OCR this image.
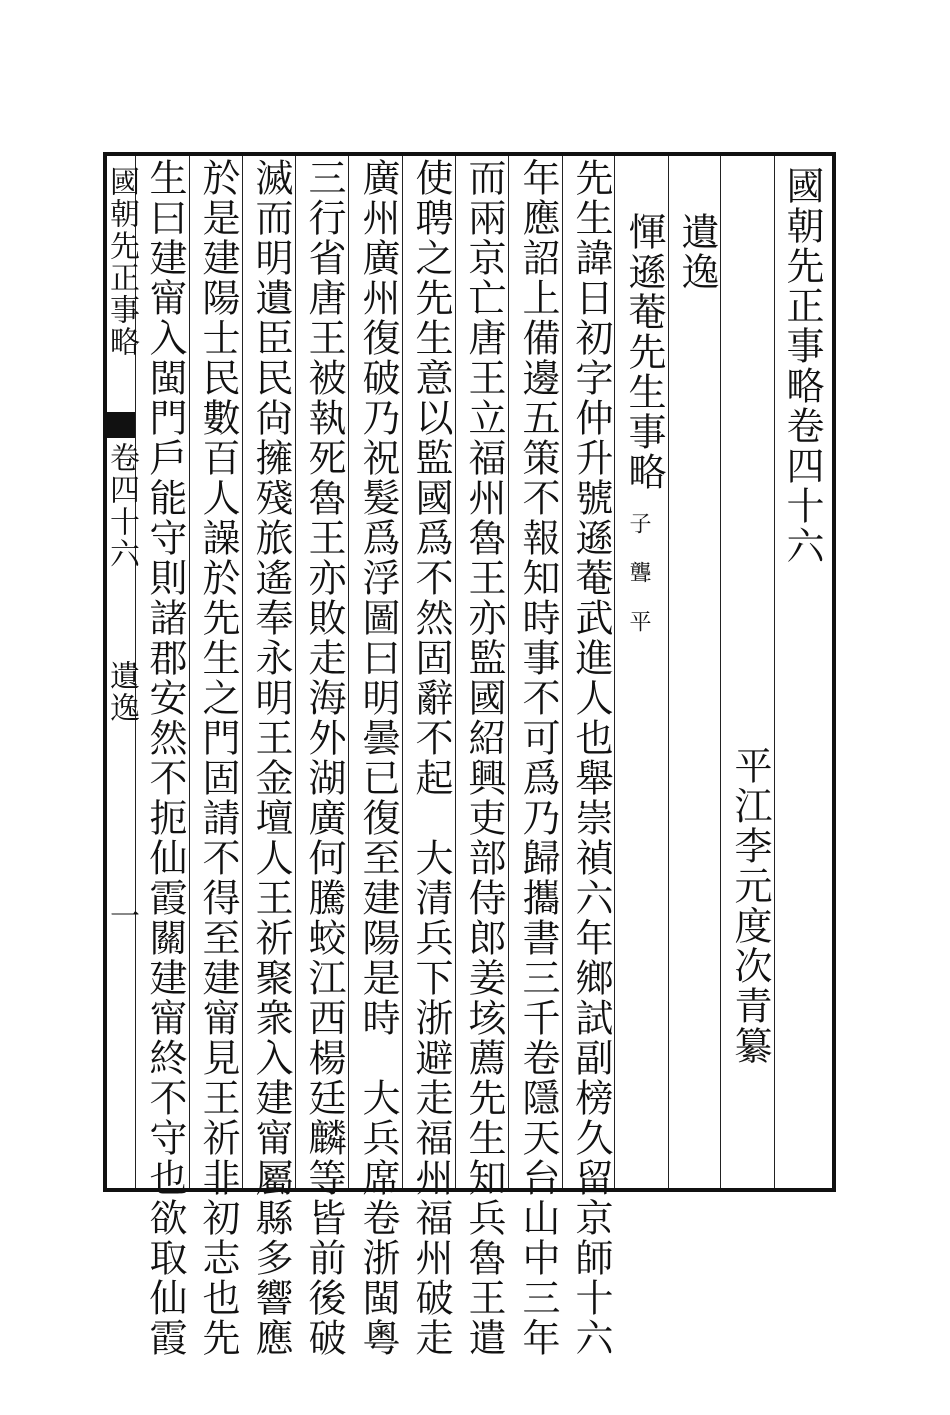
國朝先正事略卷四十六
平江李元度次青纂
遺逸
惲遜菴先生事略
子 聾 平
先生諱日初字仲升號遜菴武進人也舉崇禎六年鄉試副榜久留京師十六
年應詔上備邊五策不報知時事不可爲乃歸攜書三千卷隱天台山中三年
而兩京亡唐王立福州魯王亦監國紹興吏部侍郎姜垓薦先生知兵魯王遣
使聘之先生意以監國爲不然固辭不起　大清兵下浙避走福州福州破走
廣州廣州復破乃祝髮爲浮圖曰明曇已復至建陽是時　大兵席卷浙閩粵
三行省唐王被執死魯王亦敗走海外湖廣何騰蛟江西楊廷麟等皆前後破
滅而明遺臣民尙擁殘旅遙奉永明王金壇人王祈聚衆入建甯屬縣多響應
於是建陽士民數百人譟於先生之門固請不得至建甯見王祈非初志也先
生曰建甯入閩門戶能守則諸郡安然不扼仙霞關建甯終不守也欲取仙霞
國朝先正事略
卷四十六
遺逸
一
